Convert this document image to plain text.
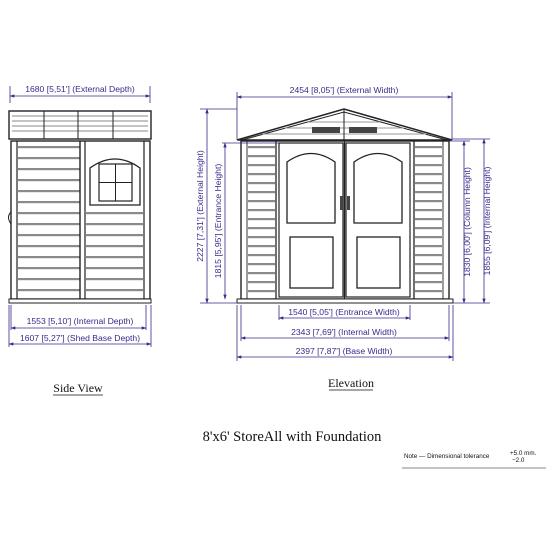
1680 [5,51'] (External Depth)
1553 [5,10'] (Internal Depth)
1607 [5,27'] (Shed Base Depth)
2454 [8,05'] (External Width)
2227 [7,31'] (External Height) 1815 [5,95'] (Entrance Height)	1830 [6,00'] (Column Height) 1855 [6,09'] (Internal Height)
1540 [5,05'] (Entrance Width)
2343 [7,69'] (Internal Width)
2397 [7,87'] (Base Width)
Side View	Elevation
8'x6' StoreAll with Foundation
Note — Dimensional tolerance	+5.0 mm.
−2.0
